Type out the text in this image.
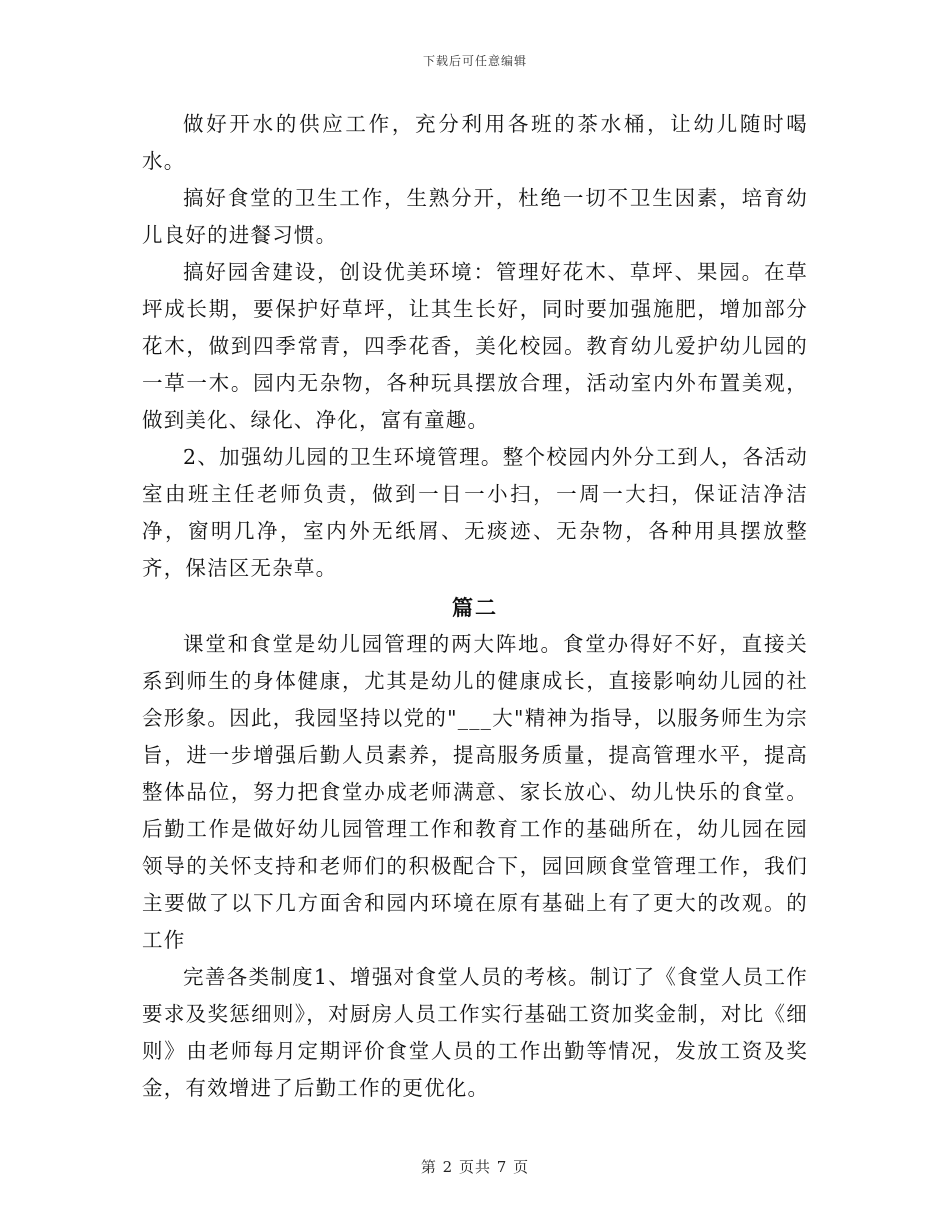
下载后可任意编辑

做好开水的供应工作，充分利用各班的茶水桶，让幼儿随时喝水。

搞好食堂的卫生工作，生熟分开，杜绝一切不卫生因素，培育幼儿良好的进餐习惯。

搞好园舍建设，创设优美环境：管理好花木、草坪、果园。在草坪成长期，要保护好草坪，让其生长好，同时要加强施肥，增加部分花木，做到四季常青，四季花香，美化校园。教育幼儿爱护幼儿园的一草一木。园内无杂物，各种玩具摆放合理，活动室内外布置美观，做到美化、绿化、净化，富有童趣。

2、加强幼儿园的卫生环境管理。整个校园内外分工到人，各活动室由班主任老师负责，做到一日一小扫，一周一大扫，保证洁净洁净，窗明几净，室内外无纸屑、无痰迹、无杂物，各种用具摆放整齐，保洁区无杂草。

篇二

课堂和食堂是幼儿园管理的两大阵地。食堂办得好不好，直接关系到师生的身体健康，尤其是幼儿的健康成长，直接影响幼儿园的社会形象。因此，我园坚持以党的"___大"精神为指导，以服务师生为宗旨，进一步增强后勤人员素养，提高服务质量，提高管理水平，提高整体品位，努力把食堂办成老师满意、家长放心、幼儿快乐的食堂。后勤工作是做好幼儿园管理工作和教育工作的基础所在，幼儿园在园领导的关怀支持和老师们的积极配合下，园回顾食堂管理工作，我们主要做了以下几方面舍和园内环境在原有基础上有了更大的改观。的工作

完善各类制度1、增强对食堂人员的考核。制订了《食堂人员工作要求及奖惩细则》，对厨房人员工作实行基础工资加奖金制，对比《细则》由老师每月定期评价食堂人员的工作出勤等情况，发放工资及奖金，有效增进了后勤工作的更优化。

第 2 页共 7 页
